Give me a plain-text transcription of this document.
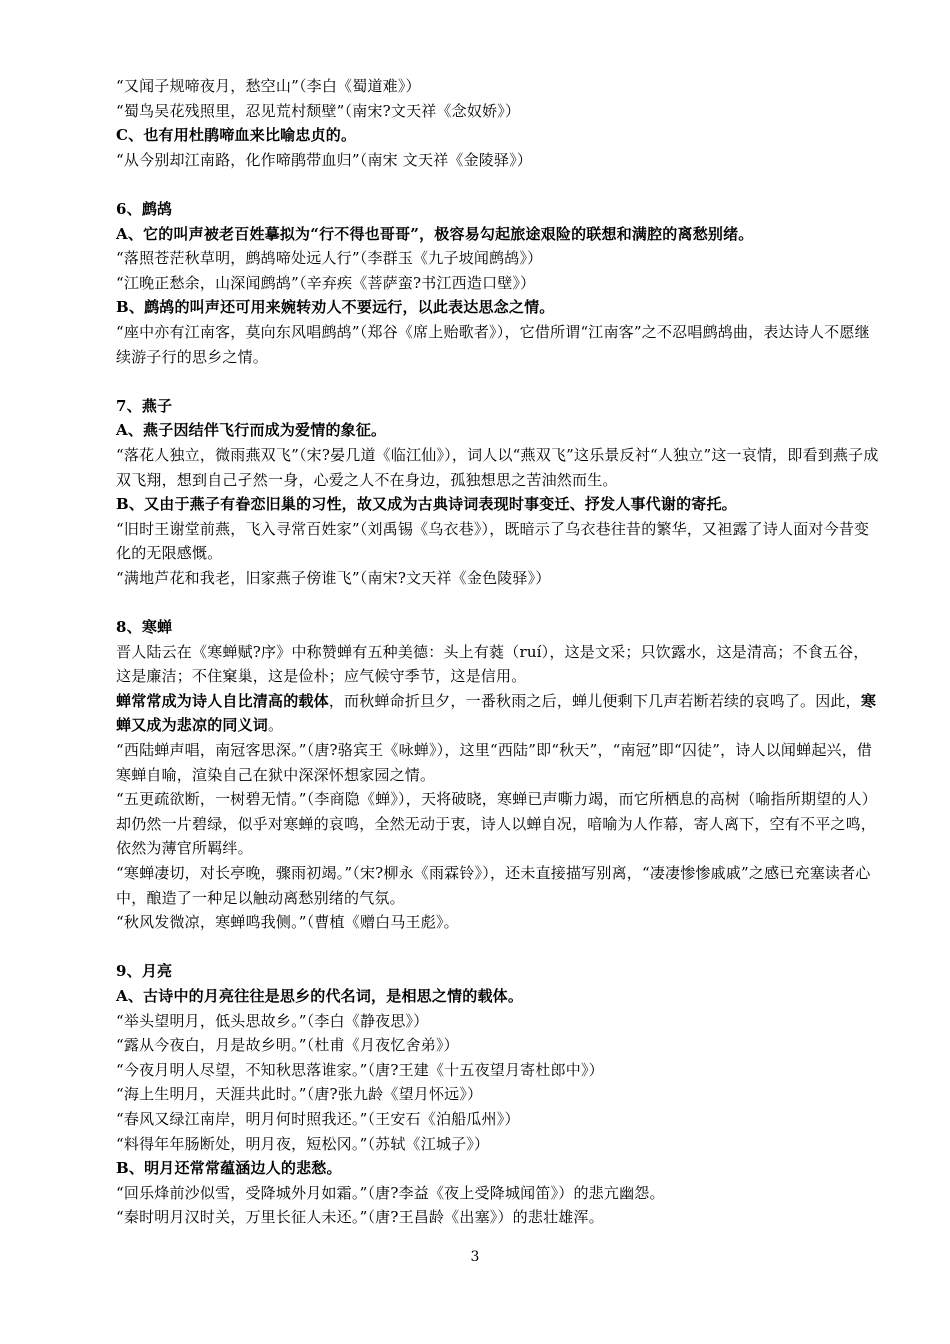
“又闻子规啼夜月，愁空山”（李白《蜀道难》）
“蜀鸟吴花残照里，忍见荒村颓壁”（南宋?文天祥《念奴娇》）
C、也有用杜鹃啼血来比喻忠贞的。
“从今别却江南路，化作啼鹃带血归”（南宋 文天祥《金陵驿》）
6、鹧鸪
A、它的叫声被老百姓摹拟为“行不得也哥哥”，极容易勾起旅途艰险的联想和满腔的离愁别绪。
“落照苍茫秋草明，鹧鸪啼处远人行”（李群玉《九子坡闻鹧鸪》）
“江晚正愁余，山深闻鹧鸪”（辛弃疾《菩萨蛮?书江西造口壁》）
B、鹧鸪的叫声还可用来婉转劝人不要远行，以此表达思念之情。
“座中亦有江南客，莫向东风唱鹧鸪”（郑谷《席上贻歌者》），它借所谓“江南客”之不忍唱鹧鸪曲，表达诗人不愿继续游子行的思乡之情。
7、燕子
A、燕子因结伴飞行而成为爱情的象征。
“落花人独立，微雨燕双飞”（宋?晏几道《临江仙》），词人以“燕双飞”这乐景反衬“人独立”这一哀情，即看到燕子成双飞翔，想到自己孑然一身，心爱之人不在身边，孤独想思之苦油然而生。
B、又由于燕子有眷恋旧巢的习性，故又成为古典诗词表现时事变迁、抒发人事代谢的寄托。
“旧时王谢堂前燕，飞入寻常百姓家”（刘禹锡《乌衣巷》），既暗示了乌衣巷往昔的繁华，又袒露了诗人面对今昔变化的无限感慨。
“满地芦花和我老，旧家燕子傍谁飞”（南宋?文天祥《金色陵驿》）
8、寒蝉
晋人陆云在《寒蝉赋?序》中称赞蝉有五种美德：头上有蕤（ruí），这是文采；只饮露水，这是清高；不食五谷，这是廉洁；不住窠巢，这是俭朴；应气候守季节，这是信用。
蝉常常成为诗人自比清高的载体，而秋蝉命折旦夕，一番秋雨之后，蝉儿便剩下几声若断若续的哀鸣了。因此，寒蝉又成为悲凉的同义词。
“西陆蝉声唱，南冠客思深。”（唐?骆宾王《咏蝉》），这里“西陆”即“秋天”，“南冠”即“囚徒”，诗人以闻蝉起兴，借寒蝉自喻，渲染自己在狱中深深怀想家园之情。
“五更疏欲断，一树碧无情。”（李商隐《蝉》），天将破晓，寒蝉已声嘶力竭，而它所栖息的高树（喻指所期望的人）却仍然一片碧绿，似乎对寒蝉的哀鸣，全然无动于衷，诗人以蝉自况，喑喻为人作幕，寄人离下，空有不平之鸣，依然为薄官所羁绊。
“寒蝉凄切，对长亭晚，骤雨初竭。”（宋?柳永《雨霖铃》），还未直接描写别离，“凄凄惨惨戚戚”之感已充塞读者心中，酿造了一种足以触动离愁别绪的气氛。
“秋风发微凉，寒蝉鸣我侧。”（曹植《赠白马王彪》。
9、月亮
A、古诗中的月亮往往是思乡的代名词，是相思之情的载体。
“举头望明月，低头思故乡。”（李白《静夜思》）
“露从今夜白，月是故乡明。”（杜甫《月夜忆舍弟》）
“今夜月明人尽望，不知秋思落谁家。”（唐?王建《十五夜望月寄杜郎中》）
“海上生明月，天涯共此时。”（唐?张九龄《望月怀远》）
“春风又绿江南岸，明月何时照我还。”（王安石《泊船瓜州》）
“料得年年肠断处，明月夜，短松冈。”（苏轼《江城子》）
B、明月还常常蕴涵边人的悲愁。
“回乐烽前沙似雪，受降城外月如霜。”（唐?李益《夜上受降城闻笛》）的悲亢幽怨。
“秦时明月汉时关，万里长征人未还。”（唐?王昌龄《出塞》）的悲壮雄浑。
3
